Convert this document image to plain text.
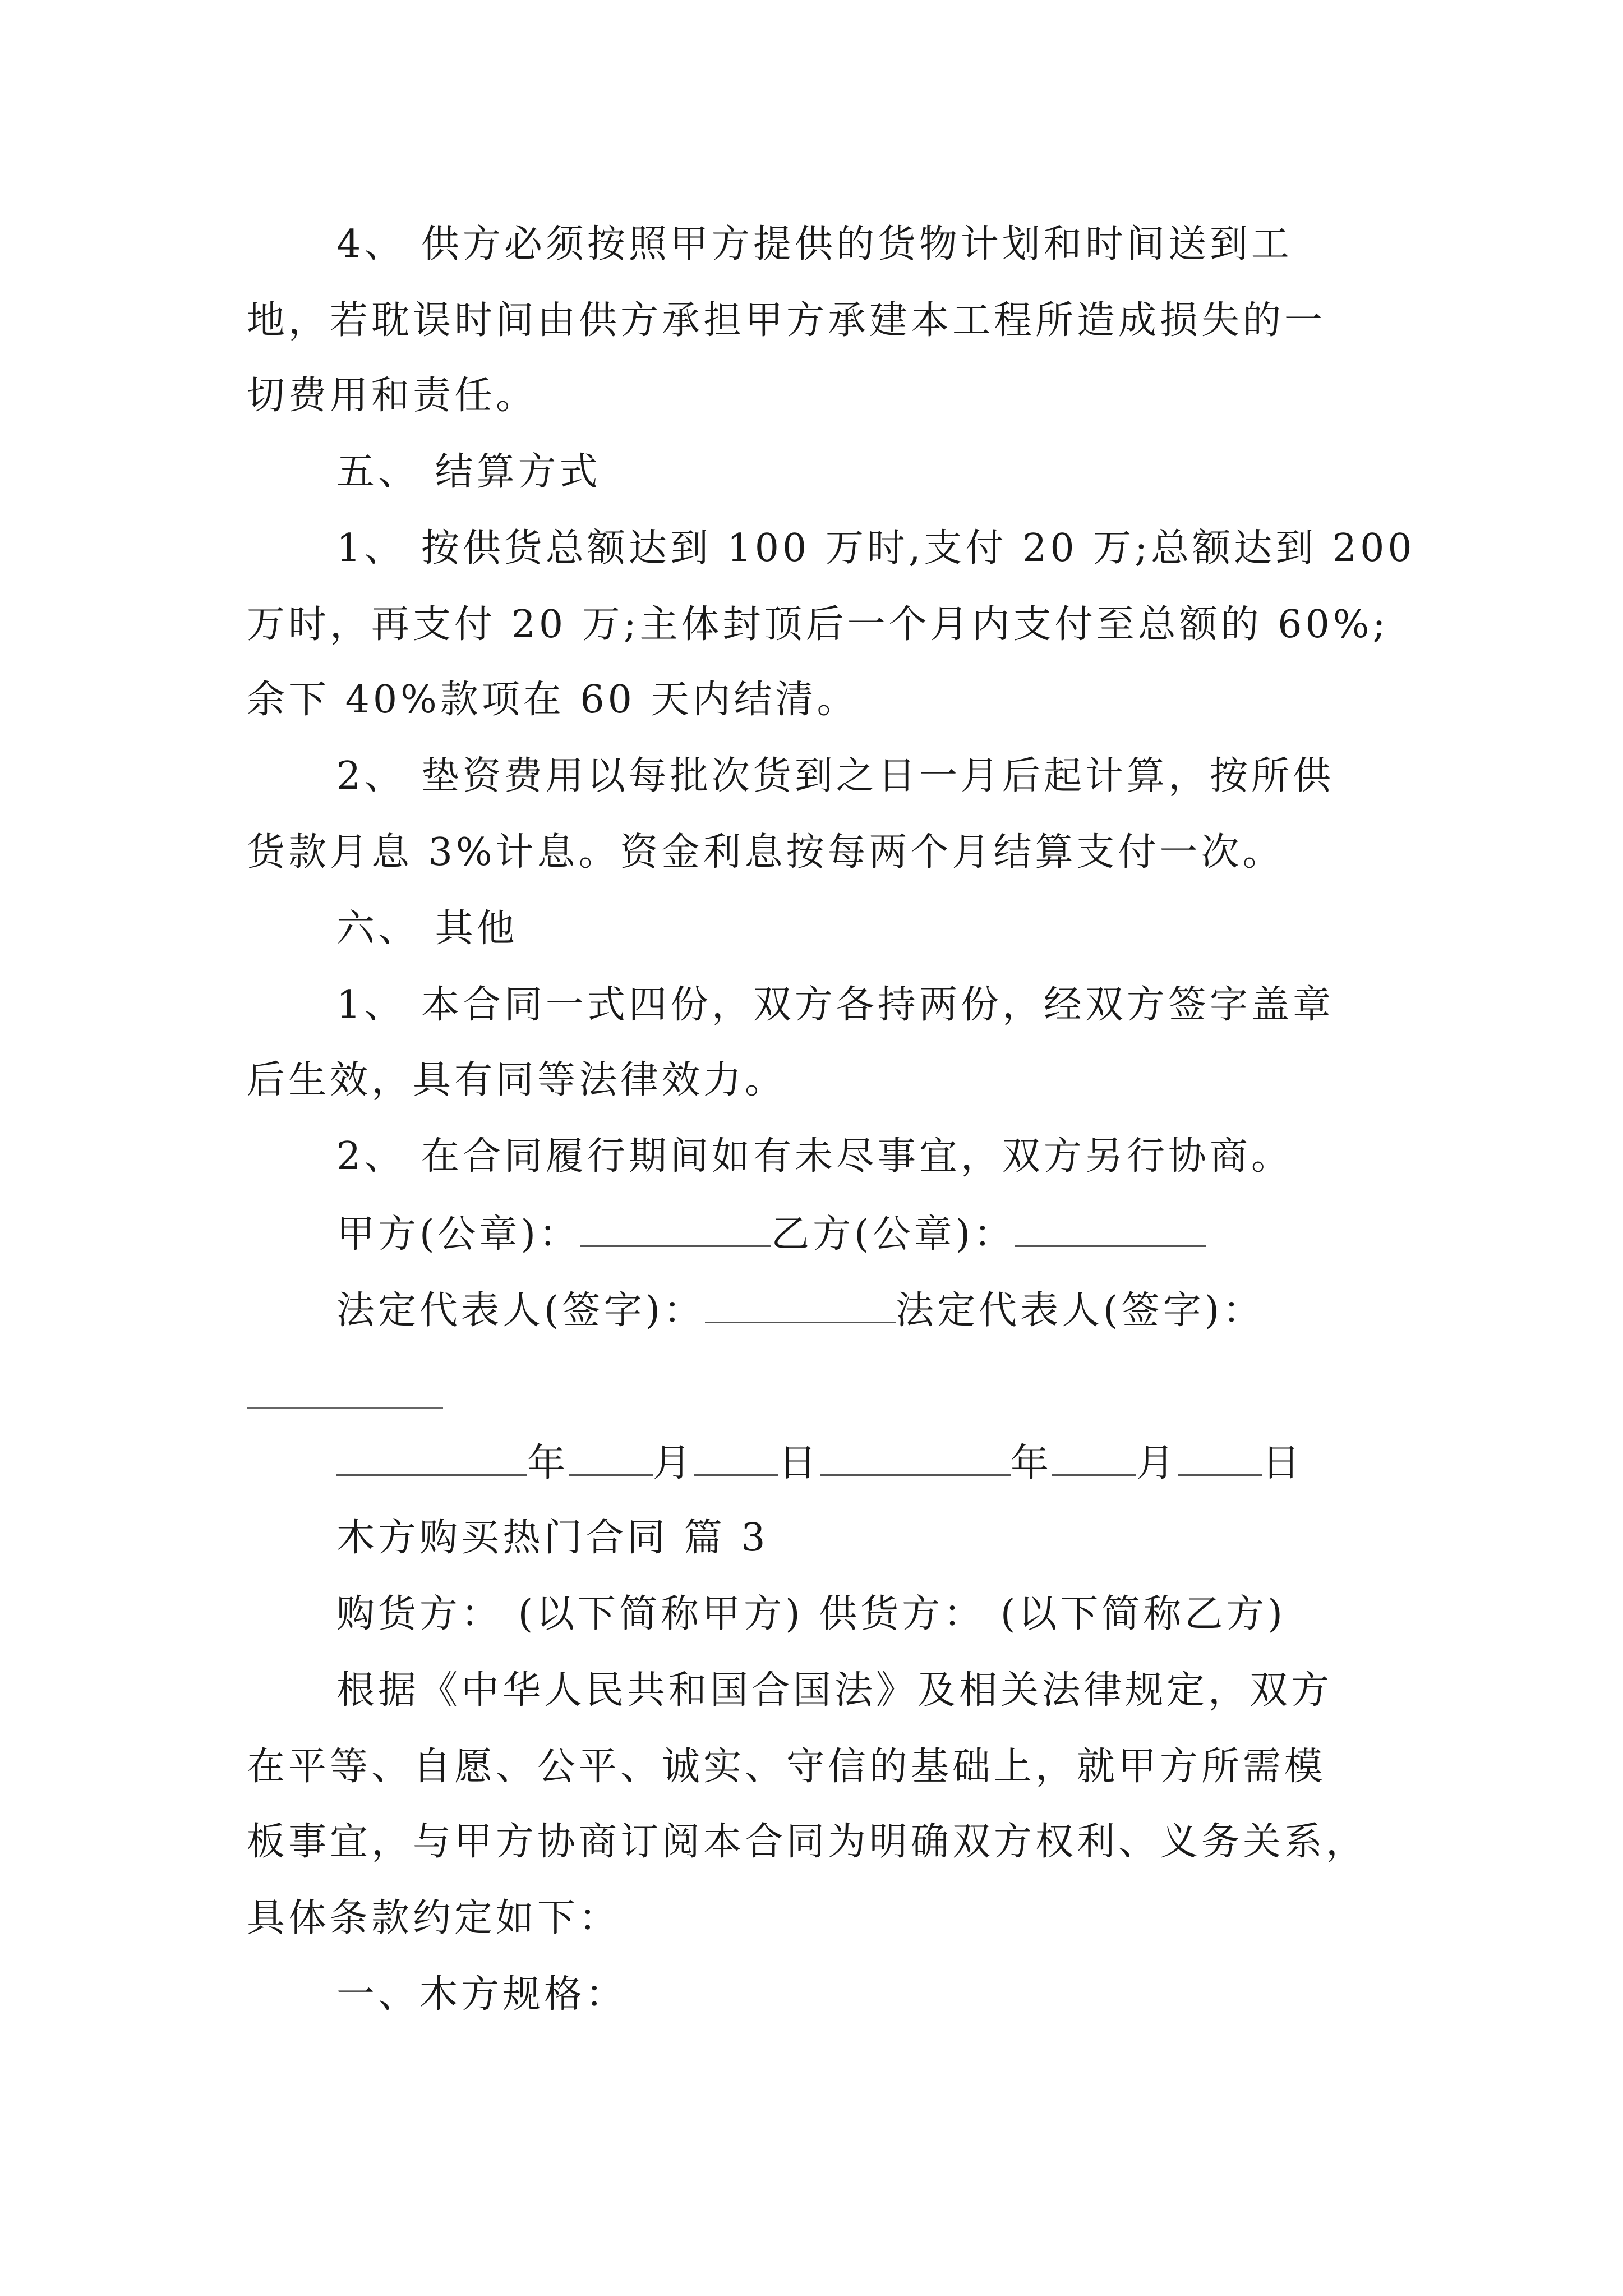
4、 供方必须按照甲方提供的货物计划和时间送到工
地，若耽误时间由供方承担甲方承建本工程所造成损失的一
切费用和责任。
五、 结算方式
1、 按供货总额达到 100 万时,支付 20 万;总额达到 200
万时，再支付 20 万;主体封顶后一个月内支付至总额的 60%;
余下 40%款项在 60 天内结清。
2、 垫资费用以每批次货到之日一月后起计算，按所供
货款月息 3%计息。资金利息按每两个月结算支付一次。
六、 其他
1、 本合同一式四份，双方各持两份，经双方签字盖章
后生效，具有同等法律效力。
2、 在合同履行期间如有未尽事宜，双方另行协商。
甲方(公章)：	乙方(公章)：
法定代表人(签字)：	法定代表人(签字)：
年 月 日	年 月 日
木方购买热门合同 篇 3
购货方： (以下简称甲方) 供货方： (以下简称乙方)
根据《中华人民共和国合国法》及相关法律规定，双方
在平等、自愿、公平、诚实、守信的基础上，就甲方所需模
板事宜，与甲方协商订阅本合同为明确双方权利、义务关系，
具体条款约定如下：
一、木方规格：
